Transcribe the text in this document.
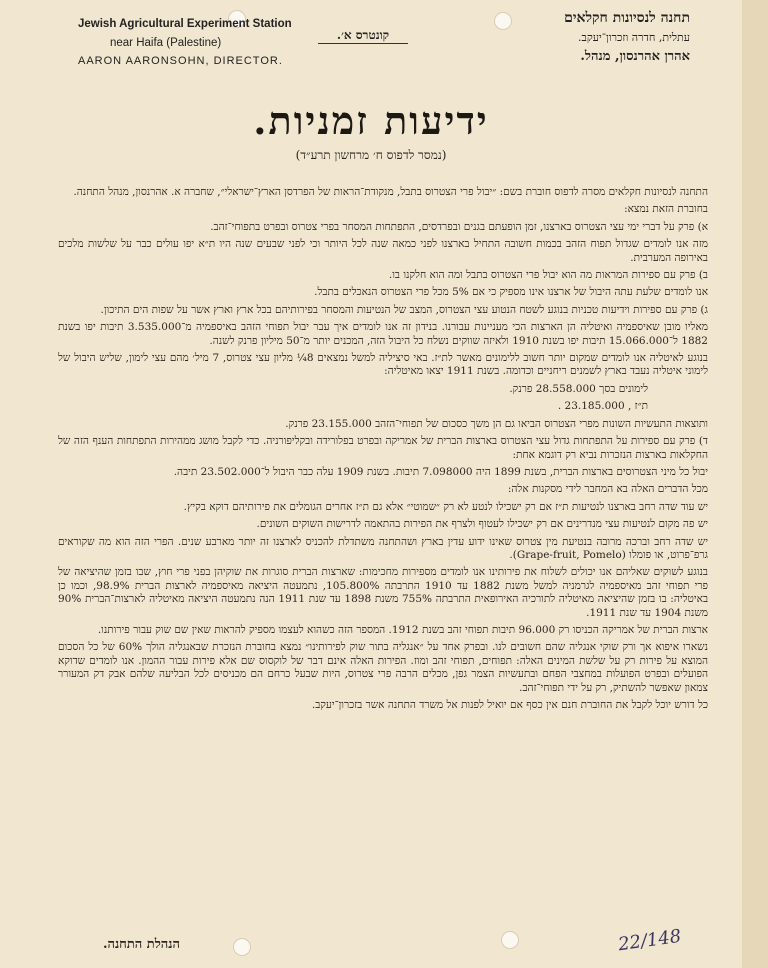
Jewish Agricultural Experiment Station
near Haifa (Palestine)
AARON AARONSOHN, DIRECTOR.
קונטרס א׳.
תחנה לנסיונות חקלאים
עתלית, חדרה וזכרון־יעקב.
אהרן אהרנסון, מנהל.
ידיעות זמניות.
(נמסר לדפוס ח׳ מרחשון תרע״ד)

התחנה לנסיונות חקלאים מסרה לדפוס חוברת בשם: ״יבול פרי הצטרוס בתבל, מנקודת־הראות של הפרדסן הארץ־ישראלי״, שחברה א. אהרנסון, מנהל התחנה.

בחוברת הזאת נמצא:

א) פרק על דברי ימי עצי הצטרוס בארצנו, זמן הופעתם בגנים ובפרדסים, התפתחות המסחר בפרי צטרוס ובפרט בתפוחי־זהב.

מזה אנו לומדים שגדול תפוח הזהב בכמות חשובה התחיל בארצנו לפני כמאה שנה לכל היותר וכי לפני שבעים שנה היו ת״א יפו עולים כבר על שלשות מלכים באירופה המערבית.

ב) פרק עם ספירות המראות מה הוא יבול פרי הצטרוס בתבל ומה הוא חלקנו בו.

אנו לומדים שלעת עתה היבול של ארצנו אינו מספיק כי אם 5% מכל פרי הצטרוס הנאכלים בתבל.

ג) פרק עם ספירות וידיעות טכניות בנוגע לשטח הנטוע עצי הצטרוס, המצב של הנטיעות והמסחר בפירותיהם בכל ארץ וארץ אשר על שפות הים התיכון.

מאליו מובן שאיספמיה ואיטליה הן הארצות הכי מעניינות עבורנו. בנידון זה אנו לומדים איך עבר יבול תפוחי הזהב באיספמיה מ־3.535.000 תיבות יפו בשנת 1882 ל־15.066.000 תיבות יפו בשנת 1910 ולאיזה שווקים נשלח כל היבול הזה, המכנים יותר מ־50 מיליון פרנק לשנה.

בנוגע לאיטליה אנו לומדים שמקום יותר חשוב ללימונים מאשר לת״ז. באי סיציליה למשל נמצאים 8¼ מליון עצי צטרוס, 7 מיל׳ מהם עצי לימון, שליש היבול של לימוני איטליה נעבד בארץ לשמנים ריחניים וכדומה. בשנת 1911 יצאו מאיטליה:

לימונים בסך 28.558.000 פרנק.

ת״ז , 23.185.000 .

ותוצאות התעשיות השונות מפרי הצטרוס הביאו גם הן משך כסכום של תפוחי־הזהב 23.155.000 פרנק.

ד) פרק עם ספירות על התפתחות גדול עצי הצטרוס בארצות הברית של אמריקה ובפרט בפלורידה ובקליפורניה. כדי לקבל מושג ממהירות התפתחות הענף הזה של החקלאות בארצות הנזכרות נביא רק דוגמא אחת:

יבול כל מיני הצטרוסים בארצות הברית, בשנת 1899 היה 7.098000 תיבות. בשנת 1909 עלה כבר היבול ל־23.502.000 תיבה.

מכל הדברים האלה בא המחבר לידי מסקנות אלה:

יש עוד שדה רחב בארצנו לנטיעות ת״ז אם רק ישכילו לנטע לא רק ״שמוטי״ אלא גם ת״ז אחרים הגומלים את פירותיהם דוקא בקיץ.

יש פה מקום לנטיעות עצי מנדרינים אם רק ישכילו לעטוף ולצרף את הפירות בהתאמה לדרישות השוקים השונים.

יש שדה רחב וברכה מרובה בנטיעת מין צטרוס שאינו ידוע עדין בארץ ושהתחנה משתדלת להכניס לארצנו זה יותר מארבע שנים. הפרי הזה הוא מה שקוראים גרפ־פרוט, או פומלו (Grape-fruit, Pomelo).

בנוגע לשוקים שאליהם אנו יכולים לשלוח את פירותינו אנו לומדים מספירות מחכימות: שארצות הברית סוגרות את שוקיהן בפני פרי חוץ, שבו בזמן שהיציאה של פרי תפוחי זהב מאיספמיה לגרמניה למשל משנת 1882 עד 1910 התרבתה 105.800%, נתמעטה היציאה מאיספמיה לארצות הברית 98.9%, וכמו כן באיטליה: בו בזמן שהיציאה מאיטליה לתורכיה האירופאית התרבתה 755% משנת 1898 עד שנת 1911 הנה נתמעטה היציאה מאיטליה לארצות־הברית 90% משנת 1904 עד שנת 1911.

ארצות הברית של אמריקה הכניסו רק 96.000 תיבות תפוחי זהב בשנת 1912. המספר הזה כשהוא לעצמו מספיק להראות שאין שם שוק עבור פירותנו.

נשארו איפוא אך ורק שוקי אנגליה שהם חשובים לנו. ובפרק אחד על ״אנגליה בתור שוק לפירותינו״ נמצא בחוברת הנזכרת שבאנגליה הולך 60% של כל הסכום המוצא על פירות רק על שלשת המינים האלה: תפוחים, תפוחי זהב ומוז. הפירות האלה אינם דבר של לוקסוס שם אלא פירות עבור ההמון. אנו לומדים שדוקא הפועלים ובפרט הפועלות במחצבי הפחם ובתעשיות הצמר גפן, מכלים הרבה פרי צטרוס, היות שבעל כרחם הם מכניסים לכל הבליעה שלהם אבק דק המעורר צמאון שאפשר להשתיק, רק על ידי תפוחי־זהב.

כל דורש יוכל לקבל את החוברת חנם אין כסף אם יואיל לפנות אל משרד התחנה אשר בזכרון־יעקב.

הנהלת התחנה.	22/148
